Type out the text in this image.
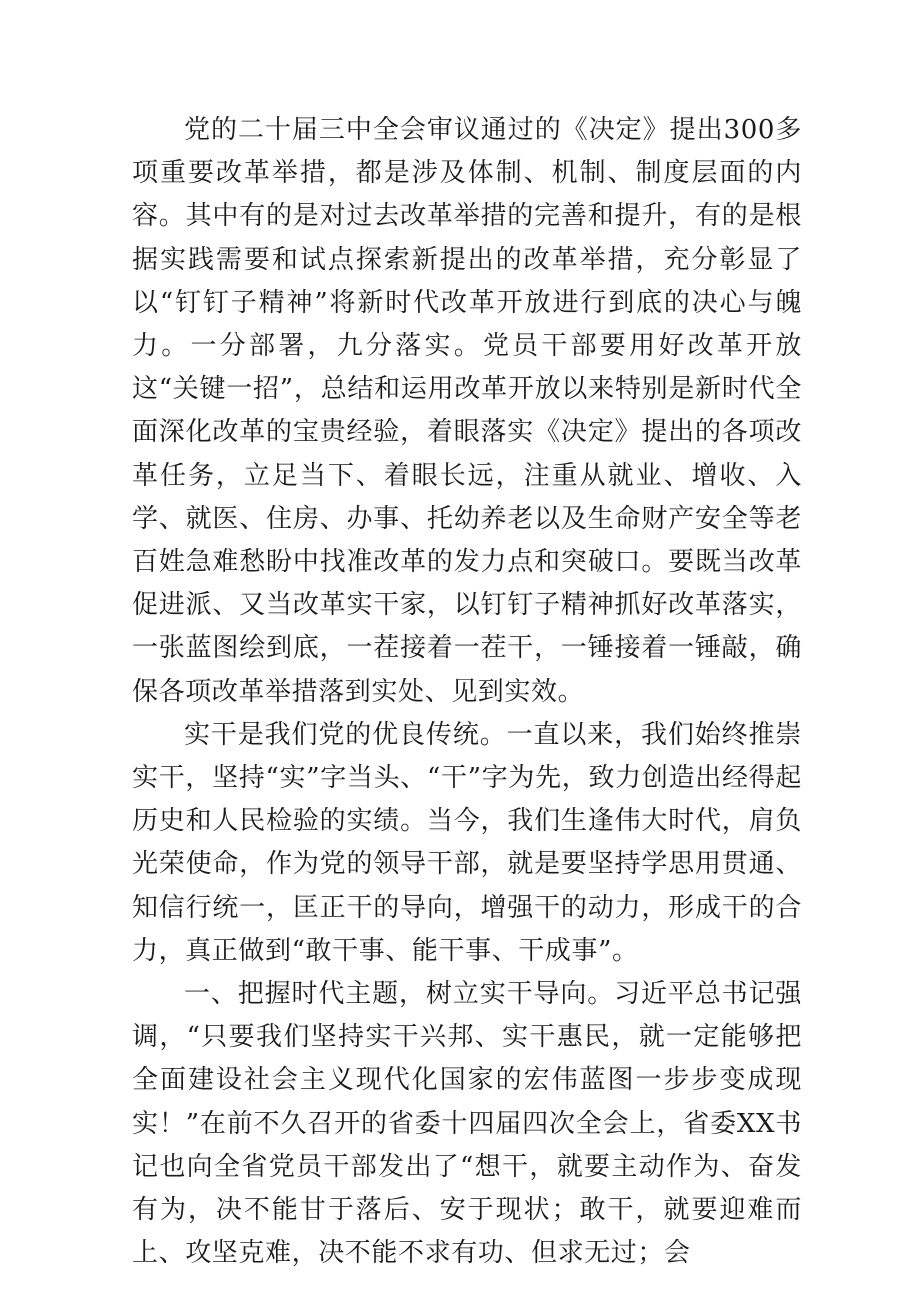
党的二十届三中全会审议通过的《决定》提出300多项重要改革举措，都是涉及体制、机制、制度层面的内容。其中有的是对过去改革举措的完善和提升，有的是根据实践需要和试点探索新提出的改革举措，充分彰显了以“钉钉子精神”将新时代改革开放进行到底的决心与魄力。一分部署，九分落实。党员干部要用好改革开放这“关键一招”，总结和运用改革开放以来特别是新时代全面深化改革的宝贵经验，着眼落实《决定》提出的各项改革任务，立足当下、着眼长远，注重从就业、增收、入学、就医、住房、办事、托幼养老以及生命财产安全等老百姓急难愁盼中找准改革的发力点和突破口。要既当改革促进派、又当改革实干家，以钉钉子精神抓好改革落实，一张蓝图绘到底，一茬接着一茬干，一锤接着一锤敲，确保各项改革举措落到实处、见到实效。

实干是我们党的优良传统。一直以来，我们始终推崇实干，坚持“实”字当头、“干”字为先，致力创造出经得起历史和人民检验的实绩。当今，我们生逢伟大时代，肩负光荣使命，作为党的领导干部，就是要坚持学思用贯通、知信行统一，匡正干的导向，增强干的动力，形成干的合力，真正做到“敢干事、能干事、干成事”。

一、把握时代主题，树立实干导向。习近平总书记强调，“只要我们坚持实干兴邦、实干惠民，就一定能够把全面建设社会主义现代化国家的宏伟蓝图一步步变成现实！”在前不久召开的省委十四届四次全会上，省委XX书记也向全省党员干部发出了“想干，就要主动作为、奋发有为，决不能甘于落后、安于现状；敢干，就要迎难而上、攻坚克难，决不能不求有功、但求无过；会
